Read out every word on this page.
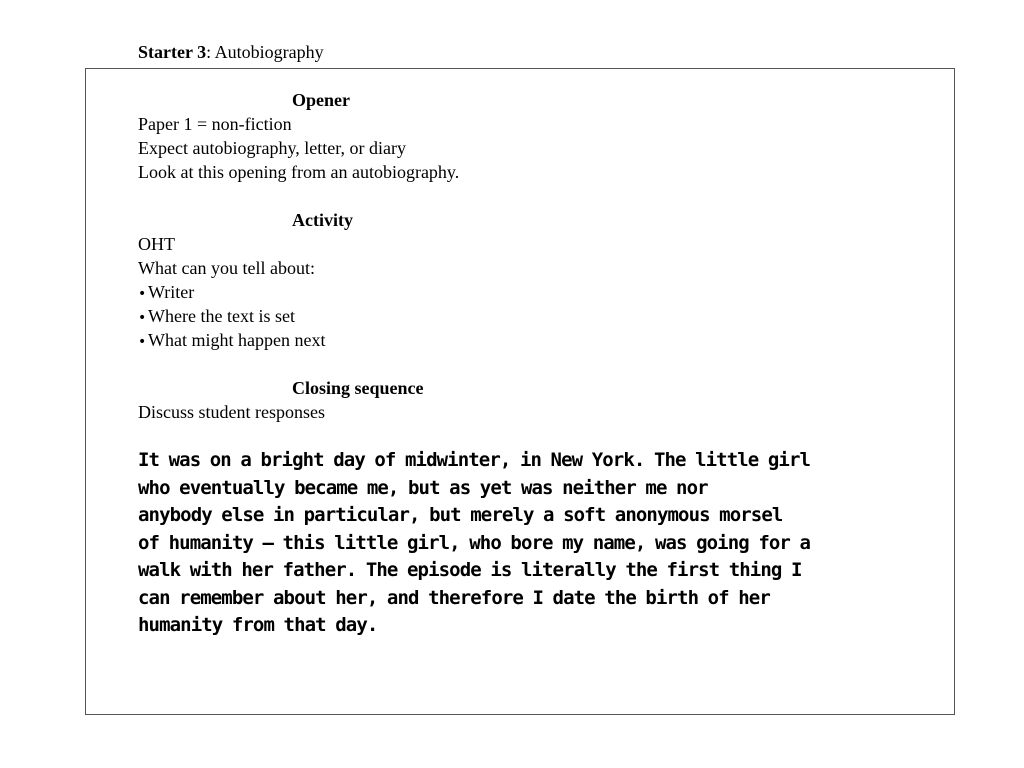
Starter 3: Autobiography
Opener
Paper 1 = non-fiction
Expect autobiography, letter, or diary
Look at this opening from an autobiography.
Activity
OHT
What can you tell about:
•Writer
•Where the text is set
•What might happen next
Closing sequence
Discuss student responses
It was on a bright day of midwinter, in New York. The little girl
who eventually became me, but as yet was neither me nor
anybody else in particular, but merely a soft anonymous morsel
of humanity – this little girl, who bore my name, was going for a
walk with her father. The episode is literally the first thing I
can remember about her, and therefore I date the birth of her
humanity from that day.
